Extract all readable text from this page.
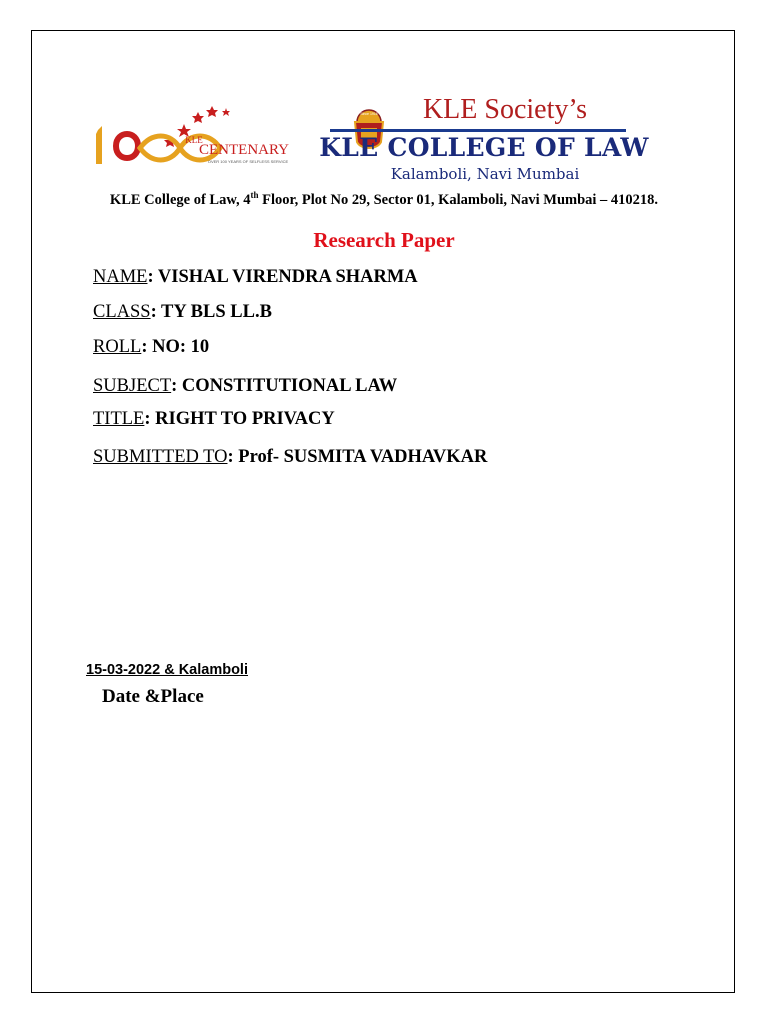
KLE
CENTENARY
OVER 100 YEARS OF SELFLESS SERVICE
Since 1916	KLE Society’s
KLE COLLEGE OF LAW
Kalamboli, Navi Mumbai
KLE College of Law, 4th Floor, Plot No 29, Sector 01, Kalamboli, Navi Mumbai – 410218.
Research Paper
NAME: VISHAL VIRENDRA SHARMA
CLASS: TY BLS LL.B
ROLL: NO: 10
SUBJECT: CONSTITUTIONAL LAW
TITLE: RIGHT TO PRIVACY
SUBMITTED TO: Prof- SUSMITA VADHAVKAR
15-03-2022 & Kalamboli
Date &Place
